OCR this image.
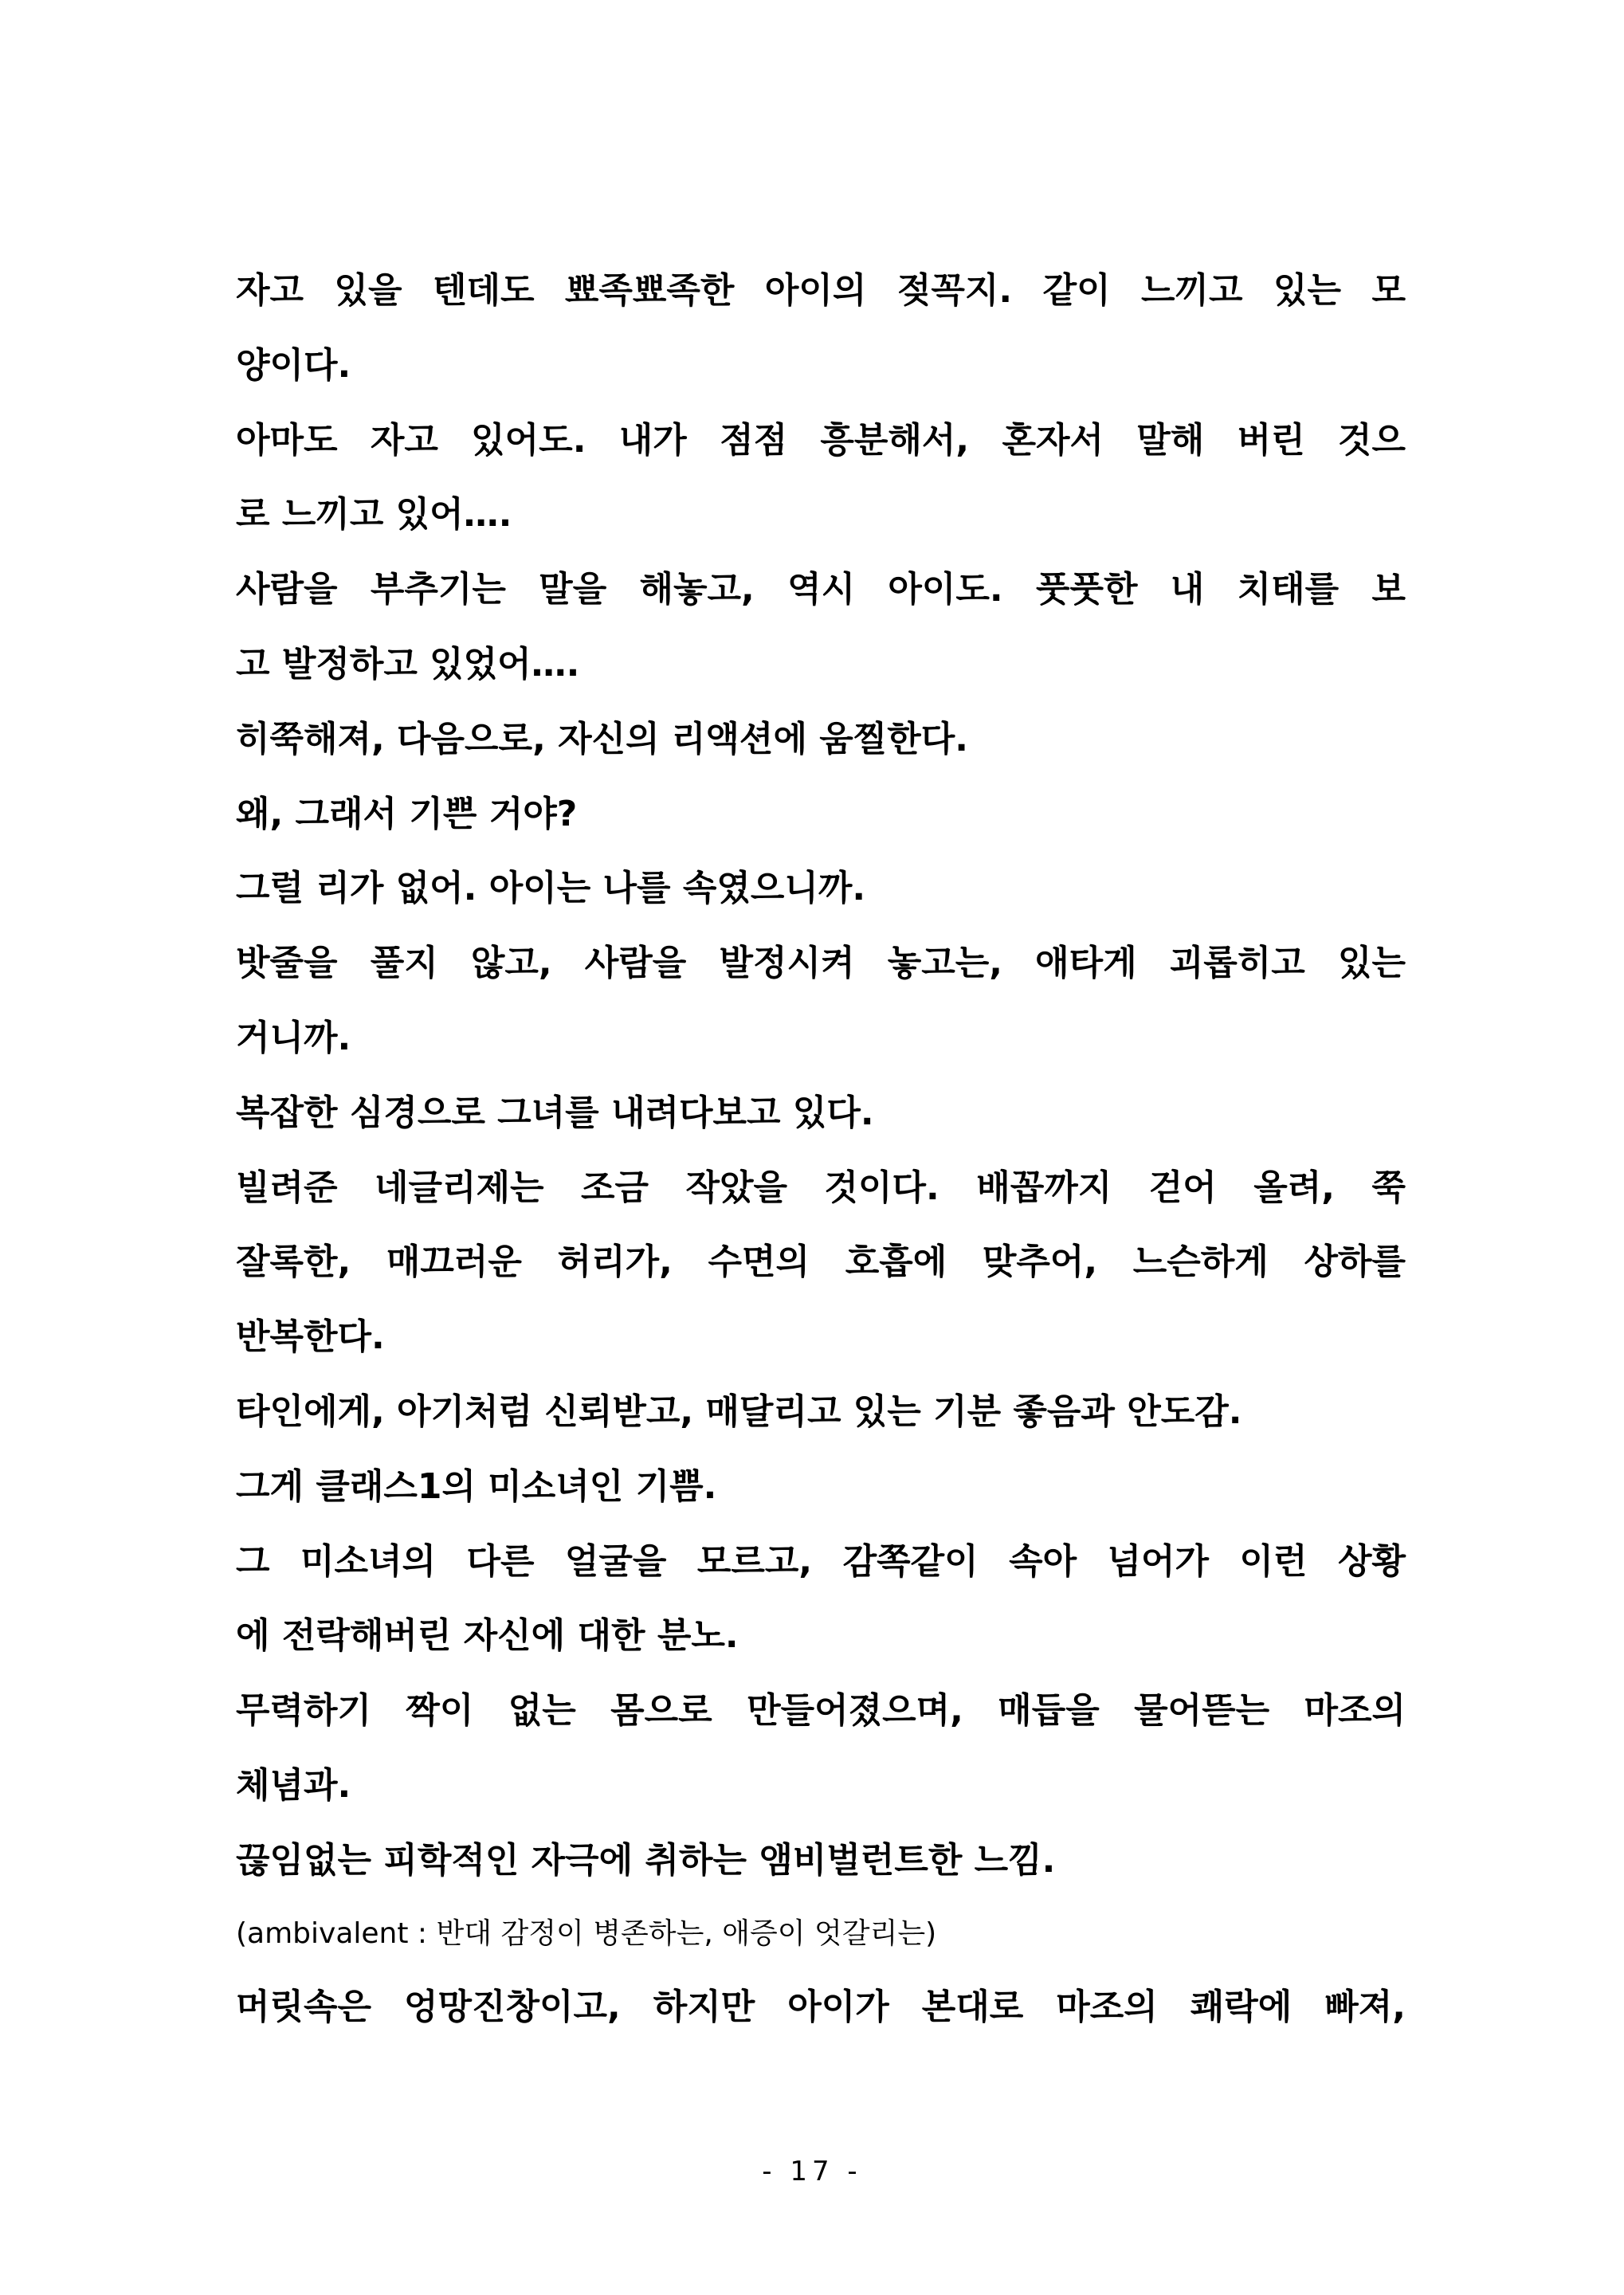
자고 있을 텐데도 뾰족뾰족한 아이의 젖꼭지. 같이 느끼고 있는 모
양이다.
아마도 자고 있어도. 내가 점점 흥분해서, 혼자서 말해 버린 것으
로 느끼고 있어….
사람을 부추기는 말을 해놓고, 역시 아이도. 풋풋한 내 치태를 보
고 발정하고 있었어….
히쭉해져, 다음으로, 자신의 리액션에 움찔한다.
왜, 그래서 기쁜 거야?
그럴 리가 없어. 아이는 나를 속였으니까.
밧줄을 풀지 않고, 사람을 발정시켜 놓고는, 애타게 괴롭히고 있는
거니까.
복잡한 심경으로 그녀를 내려다보고 있다.
빌려준 네글리제는 조금 작았을 것이다. 배꼽까지 걷어 올려, 쭉
잘록한, 매끄러운 허리가, 수면의 호흡에 맞추어, 느슨하게 상하를
반복한다.
타인에게, 아기처럼 신뢰받고, 매달리고 있는 기분 좋음과 안도감.
그게 클래스1의 미소녀인 기쁨.
그 미소녀의 다른 얼굴을 모르고, 감쪽같이 속아 넘어가 이런 상황
에 전락해버린 자신에 대한 분노.
무력하기 짝이 없는 몸으로 만들어졌으며, 매듭을 물어뜯는 마조의
체념과.
끊임없는 피학적인 자극에 취하는 앰비벌런트한 느낌.
(ambivalent : 반대 감정이 병존하는, 애증이 엇갈리는)
머릿속은 엉망진창이고, 하지만 아이가 본대로 마조의 쾌락에 빠져,
- 17 -
